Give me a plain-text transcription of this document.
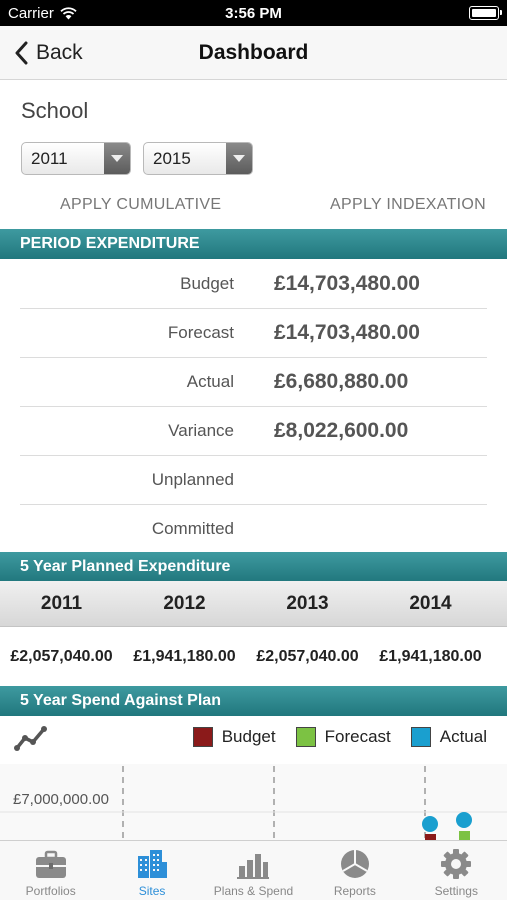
Carrier	3:56 PM
Back	Dashboard
School
2011	2015
APPLY CUMULATIVE	APPLY INDEXATION
PERIOD EXPENDITURE
Budget £14,703,480.00
Forecast £14,703,480.00
Actual £6,680,880.00
Variance £8,022,600.00
Unplanned
Committed
5 Year Planned Expenditure
2011	2012	2013	2014
£2,057,040.00	£1,941,180.00	£2,057,040.00	£1,941,180.00
5 Year Spend Against Plan
Budget	Forecast	Actual
£7,000,000.00
Portfolios	Sites	Plans & Spend	Reports	Settings
